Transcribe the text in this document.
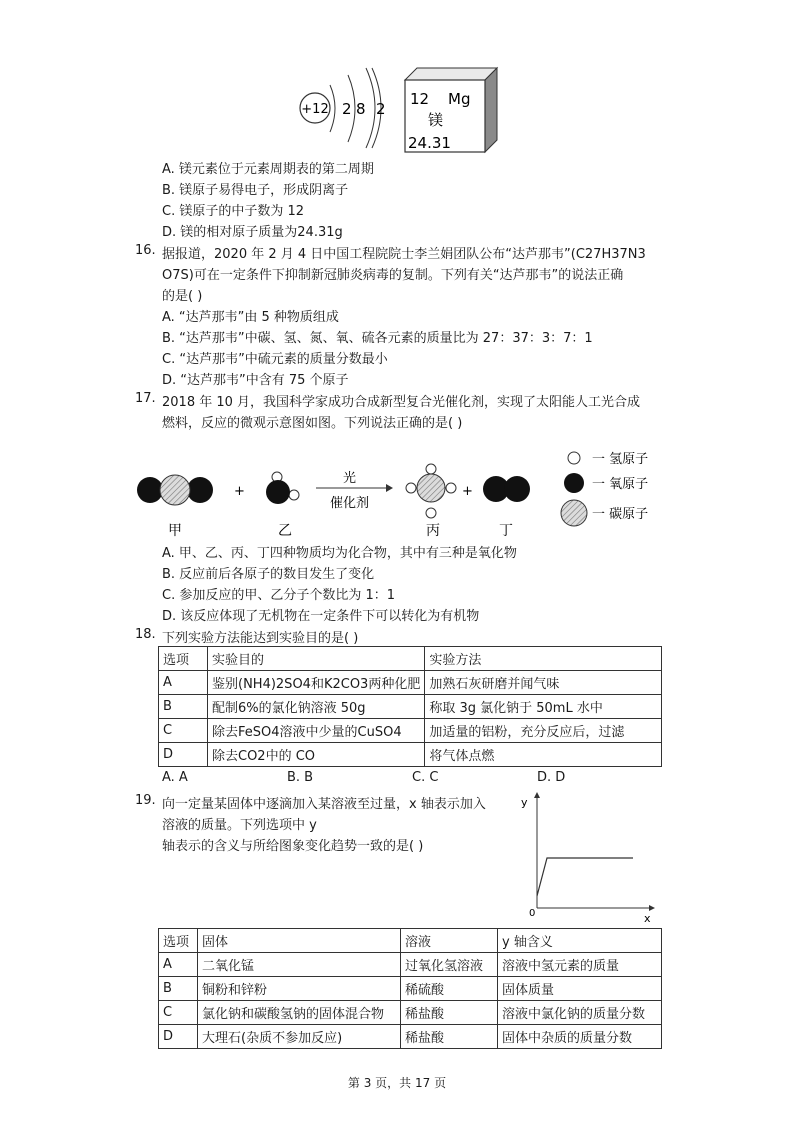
+12 2 8 2
12 Mg
镁
24.31
A. 镁元素位于元素周期表的第二周期
B. 镁原子易得电子，形成阴离子
C. 镁原子的中子数为 12
D. 镁的相对原子质量为24.31g
16. 据报道，2020 年 2 月 4 日中国工程院院士李兰娟团队公布“达芦那韦”(C27H37N3
O7S)可在一定条件下抑制新冠肺炎病毒的复制。下列有关“达芦那韦”的说法正确
的是( )
A. “达芦那韦”由 5 种物质组成
B. “达芦那韦”中碳、氢、氮、氧、硫各元素的质量比为 27：37：3：7：1
C. “达芦那韦”中硫元素的质量分数最小
D. “达芦那韦”中含有 75 个原子
17. 2018 年 10 月，我国科学家成功合成新型复合光催化剂，实现了太阳能人工光合成
燃料，反应的微观示意图如图。下列说法正确的是( )
+
光
催化剂
+
甲	乙	丙	丁
一 氢原子
一 氧原子
一 碳原子
A. 甲、乙、丙、丁四种物质均为化合物，其中有三种是氧化物
B. 反应前后各原子的数目发生了变化
C. 参加反应的甲、乙分子个数比为 1：1
D. 该反应体现了无机物在一定条件下可以转化为有机物
18. 下列实验方法能达到实验目的是( )
选项	实验目的	实验方法
A	鉴别(NH4)2SO4和K2CO3两种化肥	加熟石灰研磨并闻气味
B	配制6%的氯化钠溶液 50g	称取 3g 氯化钠于 50mL 水中
C	除去FeSO4溶液中少量的CuSO4	加适量的铝粉，充分反应后，过滤
D	除去CO2中的 CO	将气体点燃
A. A	B. B	C. C	D. D
19. 向一定量某固体中逐滴加入某溶液至过量，x 轴表示加入
溶液的质量。下列选项中 y
轴表示的含义与所给图象变化趋势一致的是( )
y
x
0
选项	固体	溶液	y 轴含义
A	二氧化锰	过氧化氢溶液	溶液中氢元素的质量
B	铜粉和锌粉	稀硫酸	固体质量
C	氯化钠和碳酸氢钠的固体混合物	稀盐酸	溶液中氯化钠的质量分数
D	大理石(杂质不参加反应)	稀盐酸	固体中杂质的质量分数
第 3 页，共 17 页
